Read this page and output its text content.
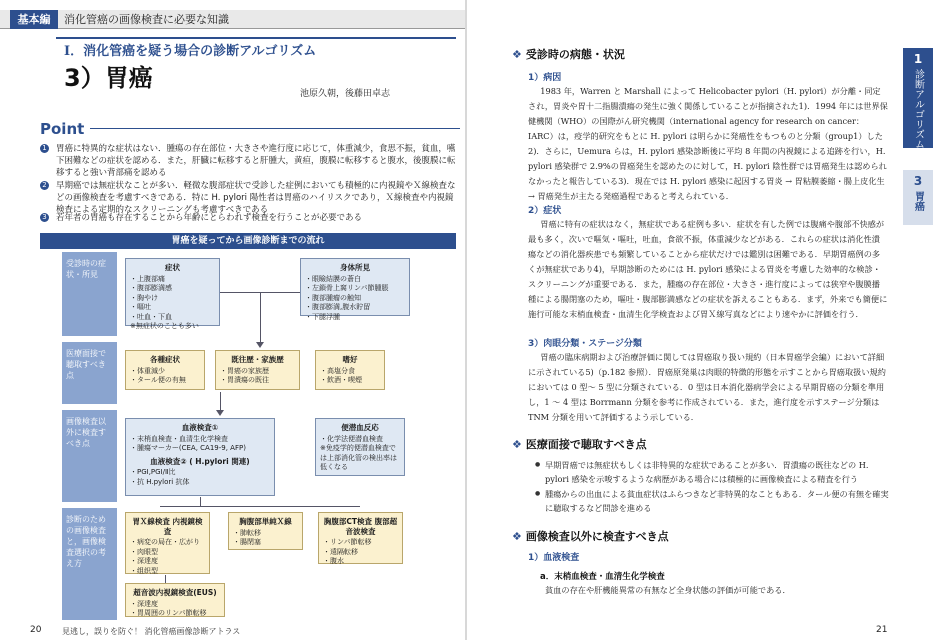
基本編	消化管癌の画像検査に必要な知識
I．消化管癌を疑う場合の診断アルゴリズム
3）胃癌
池原久朝，後藤田卓志
Point
1 胃癌に特異的な症状はない．腫瘍の存在部位・大きさや進行度に応じて，体重減少，食思不振，貧血，嚥下困難などの症状を認める．また，肝臓に転移すると肝腫大，黄疸，腹膜に転移すると腹水，後腹膜に転移すると強い背部痛を認める
2 早期癌では無症状なことが多い．軽微な腹部症状で受診した症例においても積極的に内視鏡やＸ線検査などの画像検査を考慮すべきである．特に H. pylori 陽性者は胃癌のハイリスクであり，Ｘ線検査や内視鏡検査による定期的なスクリーニングも考慮すべきである
3 若年者の胃癌も存在することから年齢にとらわれず検査を行うことが必要である
胃癌を疑ってから画像診断までの流れ
受診時の症状・所見
医療面接で聴取すべき点
画像検査以外に検査すべき点
診断のための画像検査と，画像検査選択の考え方
症状
・上腹部痛
・腹部膨満感
・胸やけ
・嘔吐
・吐血・下血
※無症状のことも多い
身体所見
・眼瞼結膜の蒼白
・左鎖骨上窩リンパ節腫脹
・腹部腫瘤の触知
・腹部膨満,腹水貯留
・下腿浮腫
各種症状
・体重減少
・タール便の有無
既往歴・家族歴
・胃癌の家族歴
・胃潰瘍の既往
嗜好
・高塩分食
・飲酒・喫煙
血液検査①
・末梢血検査・血清生化学検査
・腫瘍マーカー(CEA, CA19-9, AFP)
血液検査② ( H.pylori 関連)
・PGⅠ,PGⅠ/Ⅱ比
・抗 H.pylori 抗体
便潜血反応
・化学法便潜血検査
※免疫学的便潜血検査では上部消化管の検出率は低くなる
胃Ｘ線検査 内視鏡検査
・病変の局在・広がり
・肉眼型
・深達度
・组织型
胸腹部単純Ｘ線
・肺転移
・腸閉塞
胸腹部CT検査 腹部超音波検査
・リンパ節転移
・遠隔転移
・腹水
超音波内視鏡検査(EUS)
・深達度
・胃周囲のリンパ節転移
20	見逃し，誤りを防ぐ！ 消化管癌画像診断アトラス
❖ 受診時の病態・状況
1）病因
1983 年，Warren と Marshall によって Helicobacter pylori（H. pylori）が分離・同定され，胃炎や胃十二指腸潰瘍の発生に強く関係していることが指摘された1)．1994 年には世界保健機関（WHO）の国際がん研究機関（international agency for research on cancer：IARC）は，疫学的研究をもとに H. pylori は明らかに発癌性をもつものと分類（group1）した2)．さらに，Uemura らは，H. pylori 感染診断後に平均 8 年間の内視鏡による追跡を行い，H. pylori 感染群で 2.9%の胃癌発生を認めたのに対して，H. pylori 陰性群では胃癌発生は認められなかったと報告している3)．現在では H. pylori 感染に起因する胃炎 → 胃粘膜萎縮・腸上皮化生 → 胃癌発生が主たる発癌過程であると考えられている．
2）症状
胃癌に特有の症状はなく，無症状である症例も多い．症状を有した例では腹痛や腹部不快感が最も多く，次いで嘔気・嘔吐，吐血，食欲不振，体重減少などがある．これらの症状は消化性潰瘍などの消化器疾患でも頻繁していることから症状だけでは鑑別は困難である．早期胃癌例の多くが無症状であり4)，早期診断のためには H. pylori 感染による胃炎を考慮した効率的な検診・スクリーニングが重要である．また，腫瘍の存在部位・大きさ・進行度によっては狭窄や腹膜播種による腸閉塞のため，嘔吐・腹部膨満感などの症状を訴えることもある．まず，外来でも簡便に施行可能な末梢血検査・血清生化学検査および胃Ｘ線写真などにより速やかに評価を行う．
3）肉眼分類・ステージ分類
胃癌の臨床病期および治療評価に関しては胃癌取り扱い規約（日本胃癌学会編）において詳細に示されている5)（p.182 参照）．胃癌原発巣は肉眼的特徴的形態を示すことから胃癌取扱い規約においては 0 型〜 5 型に分類されている．0 型は日本消化器病学会による早期胃癌の分類を準用し，1 〜 4 型は Borrmann 分類を参考に作成されている．また，進行度を示すステージ分類は TNM 分類を用いて評価するよう示している．
❖ 医療面接で聴取すべき点
● 早期胃癌では無症状もしくは非特異的な症状であることが多い．胃潰瘍の既往などの H. pylori 感染を示唆するような病歴がある場合には積極的に画像検査による精査を行う
● 腫瘍からの出血による貧血症状はふらつきなど非特異的なこともある．タール便の有無を確実に聴取するなど問診を進める
❖ 画像検査以外に検査すべき点
1）血液検査
a．末梢血検査・血清生化学検査
貧血の存在や肝機能異常の有無など全身状態の評価が可能である．
1
診断アルゴリズム
3
胃癌
21
